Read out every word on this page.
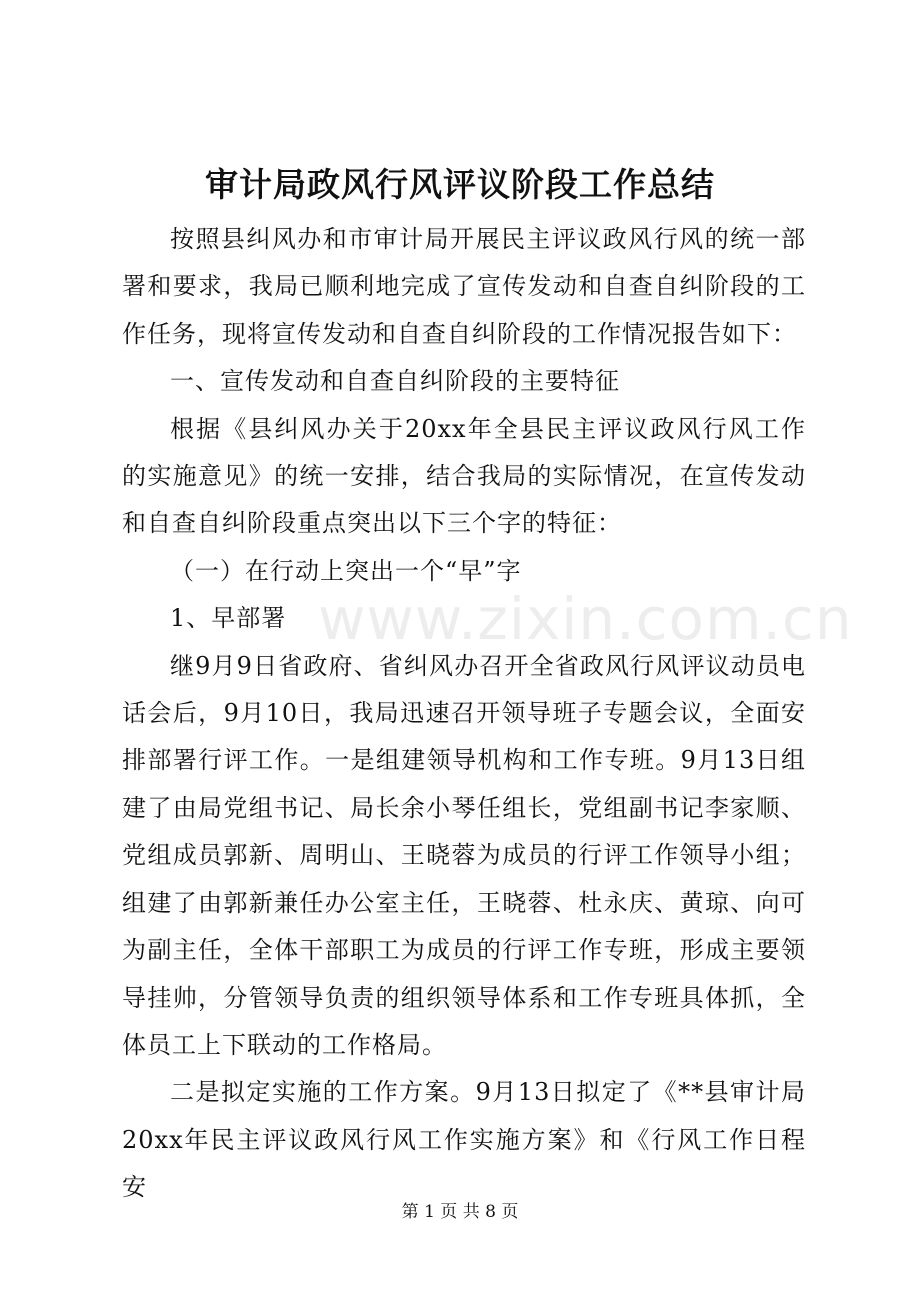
审计局政风行风评议阶段工作总结

按照县纠风办和市审计局开展民主评议政风行风的统一部署和要求，我局已顺利地完成了宣传发动和自查自纠阶段的工作任务，现将宣传发动和自查自纠阶段的工作情况报告如下：

一、宣传发动和自查自纠阶段的主要特征

根据《县纠风办关于20xx年全县民主评议政风行风工作的实施意见》的统一安排，结合我局的实际情况，在宣传发动和自查自纠阶段重点突出以下三个字的特征：

（一）在行动上突出一个“早”字

1、早部署

继9月9日省政府、省纠风办召开全省政风行风评议动员电话会后，9月10日，我局迅速召开领导班子专题会议，全面安排部署行评工作。一是组建领导机构和工作专班。9月13日组建了由局党组书记、局长余小琴任组长，党组副书记李家顺、党组成员郭新、周明山、王晓蓉为成员的行评工作领导小组；组建了由郭新兼任办公室主任，王晓蓉、杜永庆、黄琼、向可为副主任，全体干部职工为成员的行评工作专班，形成主要领导挂帅，分管领导负责的组织领导体系和工作专班具体抓，全体员工上下联动的工作格局。

二是拟定实施的工作方案。9月13日拟定了《**县审计局20xx年民主评议政风行风工作实施方案》和《行风工作日程安

www.zixin.com.cn
第 1 页 共 8 页
